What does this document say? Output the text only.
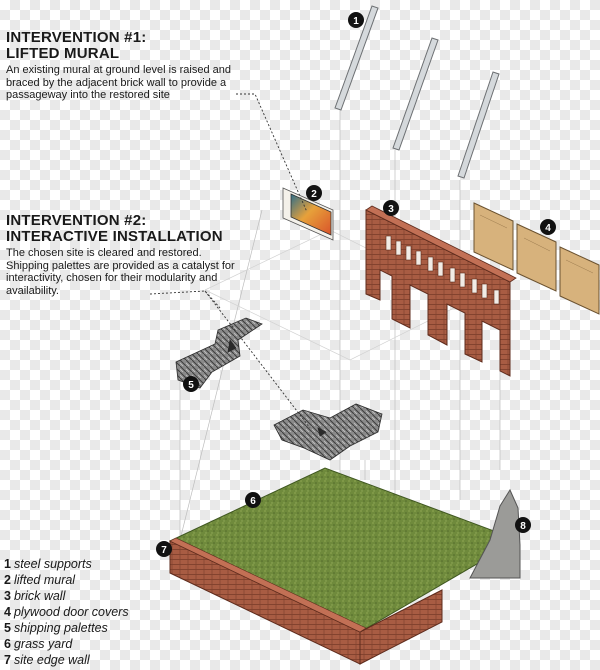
1
2
3
4
5
6
7
8
INTERVENTION #1:
LIFTED MURAL
An existing mural at ground level is raised and braced by the adjacent brick wall to provide a passageway into the restored site
INTERVENTION #2:
INTERACTIVE INSTALLATION
The chosen site is cleared and restored. Shipping palettes are provided as a catalyst for interactivity, chosen for their modularity and availability.
1 steel supports
2 lifted mural
3 brick wall
4 plywood door covers
5 shipping palettes
6 grass yard
7 site edge wall
